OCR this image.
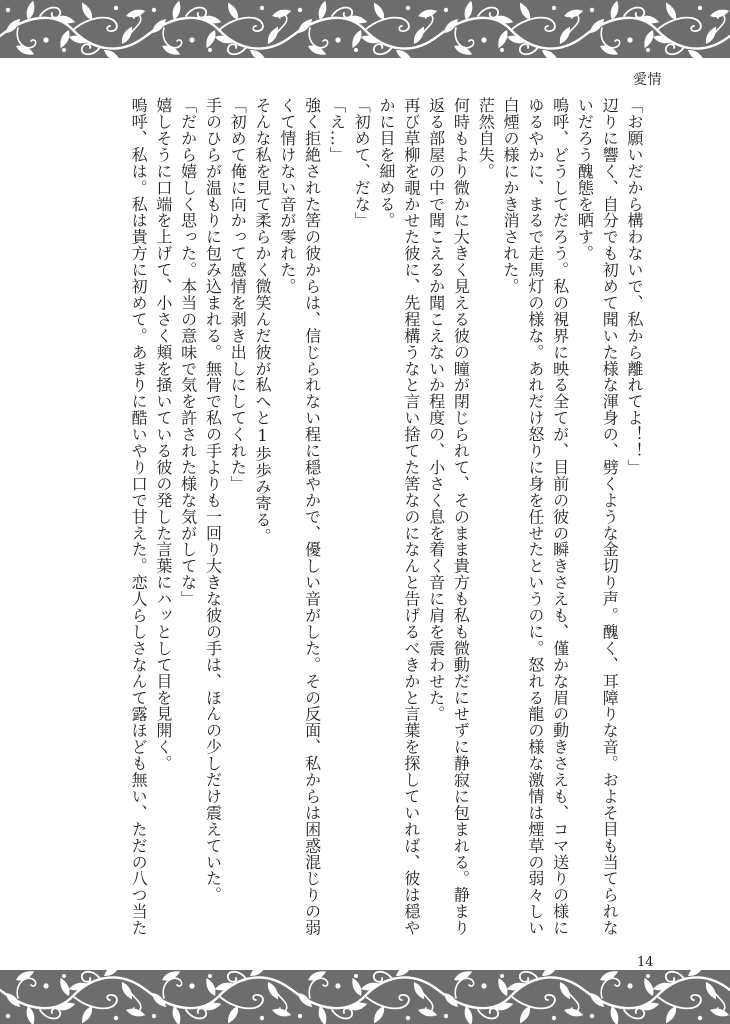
愛情
「お願いだから構わないで、私から離れてよ！！」
辺りに響く、自分でも初めて聞いた様な渾身の、劈くような金切り声。醜く、耳障りな音。およそ目も当てられな
いだろう醜態を晒す。
嗚呼、どうしてだろう。私の視界に映る全てが、目前の彼の瞬きさえも、僅かな眉の動きさえも、コマ送りの様に
ゆるやかに、まるで走馬灯の様な。あれだけ怒りに身を任せたというのに。怒れる龍の様な激情は煙草の弱々しい
白煙の様にかき消された。
茫然自失。
何時もより微かに大きく見える彼の瞳が閉じられて、そのまま貴方も私も微動だにせずに静寂に包まれる。静まり
返る部屋の中で聞こえるか聞こえないか程度の、小さく息を着く音に肩を震わせた。
再び草柳を覗かせた彼に、先程構うなと言い捨てた筈なのになんと告げるべきかと言葉を探していれば、彼は穏や
かに目を細める。
「初めて、だな」
「え…」
強く拒絶された筈の彼からは、信じられない程に穏やかで、優しい音がした。その反面、私からは困惑混じりの弱
くて情けない音が零れた。
そんな私を見て柔らかく微笑んだ彼が私へと1歩歩み寄る。
「初めて俺に向かって感情を剥き出しにしてくれた」
手のひらが温もりに包み込まれる。無骨で私の手よりも一回り大きな彼の手は、ほんの少しだけ震えていた。
「だから嬉しく思った。本当の意味で気を許された様な気がしてな」
嬉しそうに口端を上げて、小さく頬を掻いている彼の発した言葉にハッとして目を見開く。
嗚呼、私は。私は貴方に初めて。あまりに酷いやり口で甘えた。恋人らしさなんて露ほども無い、ただの八つ当た
14
